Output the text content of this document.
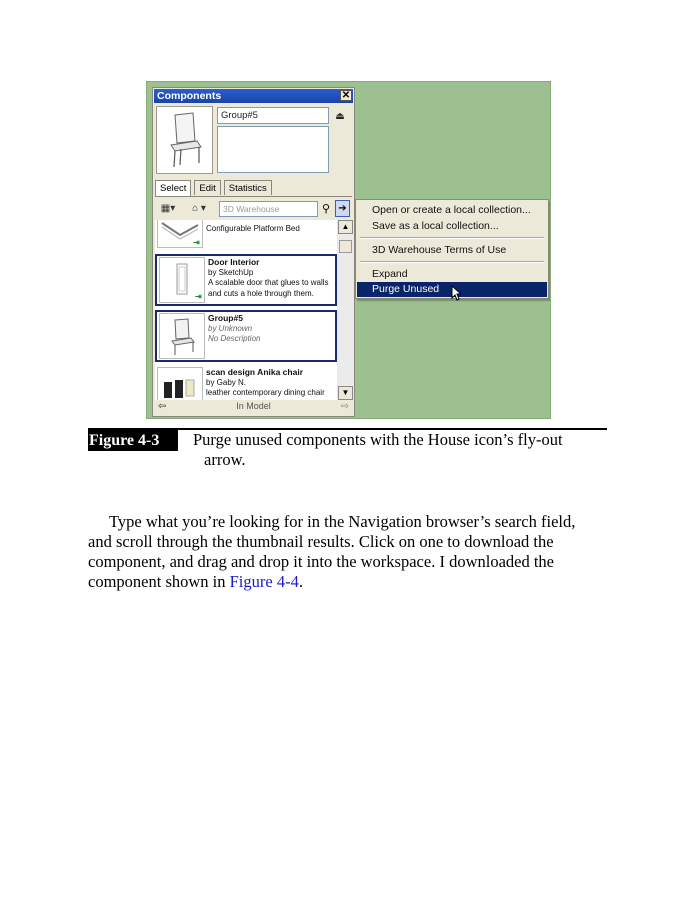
Components	✕
Group#5	⏏
Select	Edit	Statistics
▦▾	⌂ ▾	3D Warehouse	⚲ ➔
Configurable Platform Bed
⇥
Door Interior
by SketchUp
A scalable door that glues to walls
and cuts a hole through them.
⇥
Group#5
by Unknown
No Description
scan design Anika chair
by Gaby N.
leather contemporary dining chair
▲
▼
⇦	In Model	⇨
Open or create a local collection...
Save as a local collection...
3D Warehouse Terms of Use
Expand
Purge Unused
Figure 4-3	Purge unused components with the House icon’s fly-out
arrow.
Type what you’re looking for in the Navigation browser’s search field,
and scroll through the thumbnail results. Click on one to download the
component, and drag and drop it into the workspace. I downloaded the
component shown in Figure 4-4.
